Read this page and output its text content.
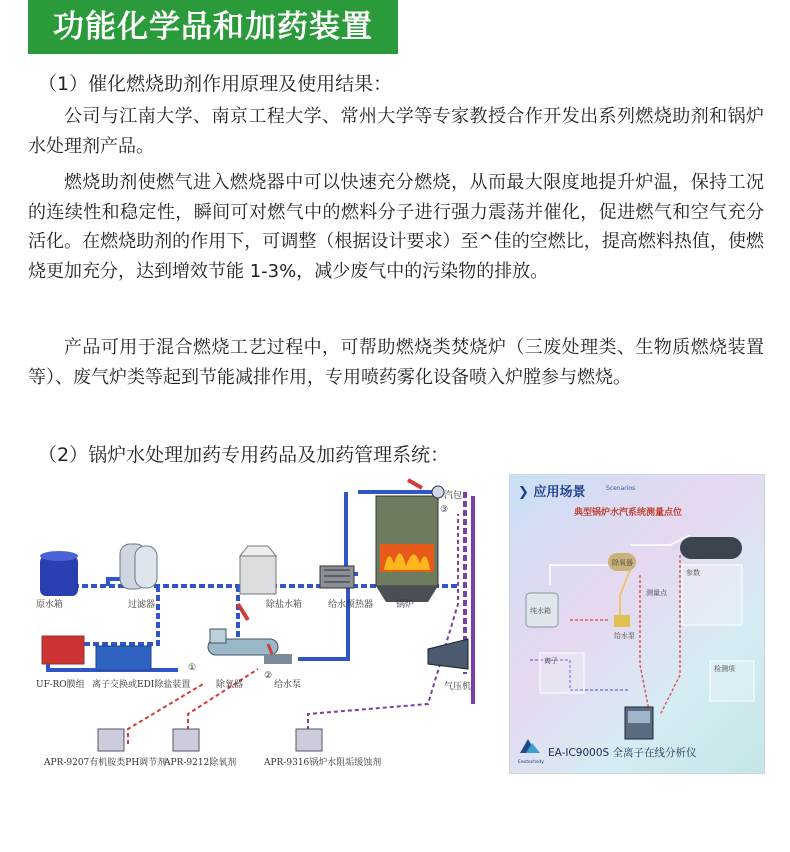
功能化学品和加药装置
（1）催化燃烧助剂作用原理及使用结果：

公司与江南大学、南京工程大学、常州大学等专家教授合作开发出系列燃烧助剂和锅炉水处理剂产品。

燃烧助剂使燃气进入燃烧器中可以快速充分燃烧，从而最大限度地提升炉温，保持工况的连续性和稳定性，瞬间可对燃气中的燃料分子进行强力震荡并催化，促进燃气和空气充分活化。在燃烧助剂的作用下，可调整（根据设计要求）至^佳的空燃比，提高燃料热值，使燃烧更加充分，达到增效节能 1-3%，减少废气中的污染物的排放。

产品可用于混合燃烧工艺过程中，可帮助燃烧类焚烧炉（三废处理类、生物质燃烧装置等）、废气炉类等起到节能减排作用，专用喷药雾化设备喷入炉膛参与燃烧。

（2）锅炉水处理加药专用药品及加药管理系统：
原水箱	过滤器	除盐水箱	给水预热器	锅炉
汽包
UF-RO膜组 离子交换或EDI除盐装置	除氧器	给水泵	气压机
APR-9207有机胺类PH调节剂
APR-9212除氧剂	APR-9316锅炉水阻垢缓蚀剂
①
②
③
❯ 应用场景	Scenarios
典型锅炉水汽系统测量点位
锅炉汽包
除氧器
纯水箱
给水泵
参数
离子
检测项
测量点
EA-IC9000S 全离子在线分析仪
Eextechsdy
